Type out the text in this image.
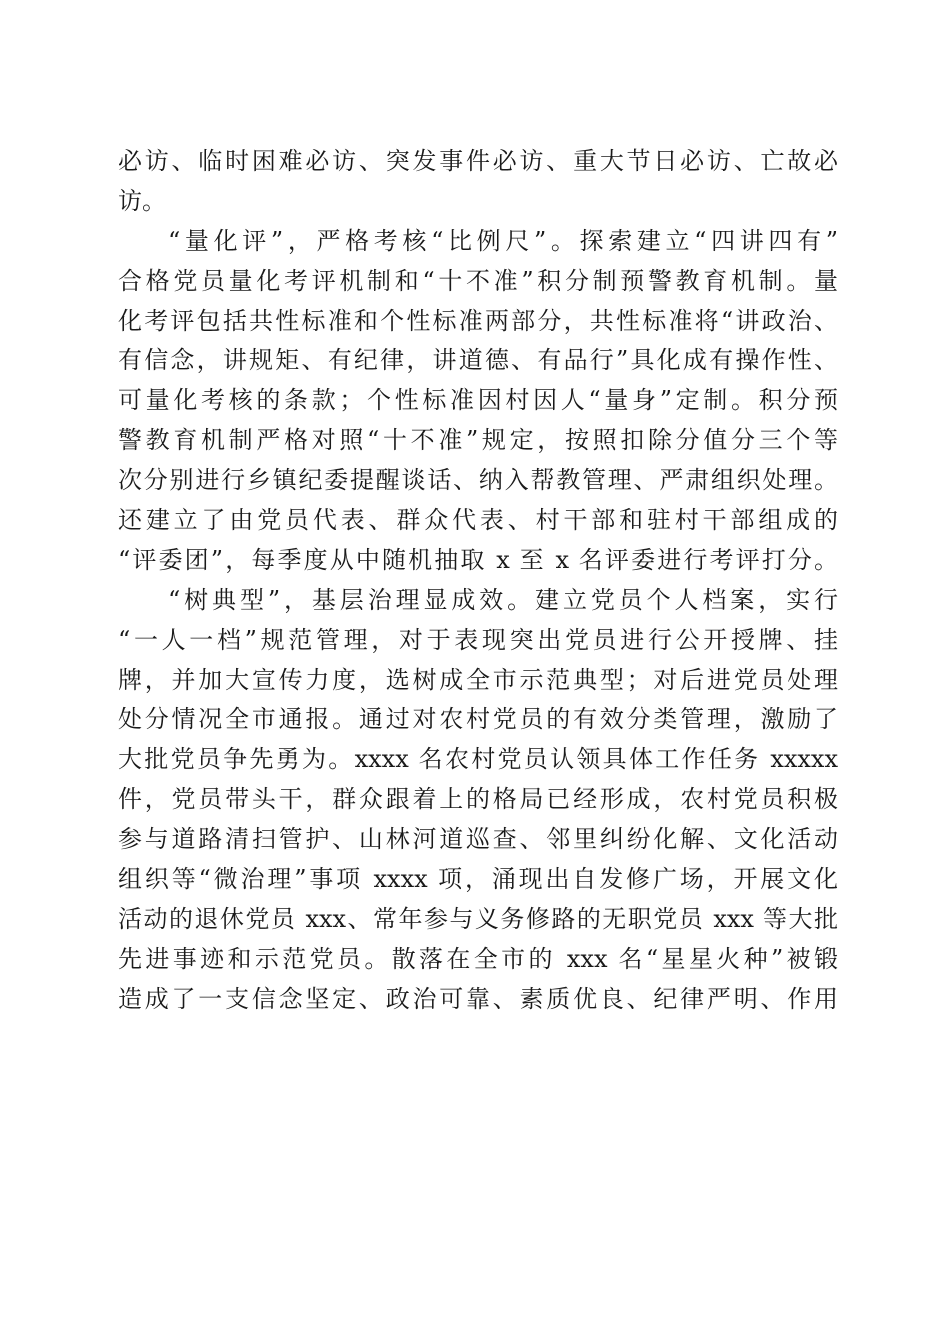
必访、临时困难必访、突发事件必访、重大节日必访、亡故必
访。
“量化评”，严格考核“比例尺”。探索建立“四讲四有”
合格党员量化考评机制和“十不准”积分制预警教育机制。量
化考评包括共性标准和个性标准两部分，共性标准将“讲政治、
有信念，讲规矩、有纪律，讲道德、有品行”具化成有操作性、
可量化考核的条款；个性标准因村因人“量身”定制。积分预
警教育机制严格对照“十不准”规定，按照扣除分值分三个等
次分别进行乡镇纪委提醒谈话、纳入帮教管理、严肃组织处理。
还建立了由党员代表、群众代表、村干部和驻村干部组成的
“评委团”，每季度从中随机抽取 x 至 x 名评委进行考评打分。
“树典型”，基层治理显成效。建立党员个人档案，实行
“一人一档”规范管理，对于表现突出党员进行公开授牌、挂
牌，并加大宣传力度，选树成全市示范典型；对后进党员处理
处分情况全市通报。通过对农村党员的有效分类管理，激励了
大批党员争先勇为。xxxx 名农村党员认领具体工作任务 xxxxx
件，党员带头干，群众跟着上的格局已经形成，农村党员积极
参与道路清扫管护、山林河道巡查、邻里纠纷化解、文化活动
组织等“微治理”事项 xxxx 项，涌现出自发修广场，开展文化
活动的退休党员 xxx、常年参与义务修路的无职党员 xxx 等大批
先进事迹和示范党员。散落在全市的 xxx 名“星星火种”被锻
造成了一支信念坚定、政治可靠、素质优良、纪律严明、作用
